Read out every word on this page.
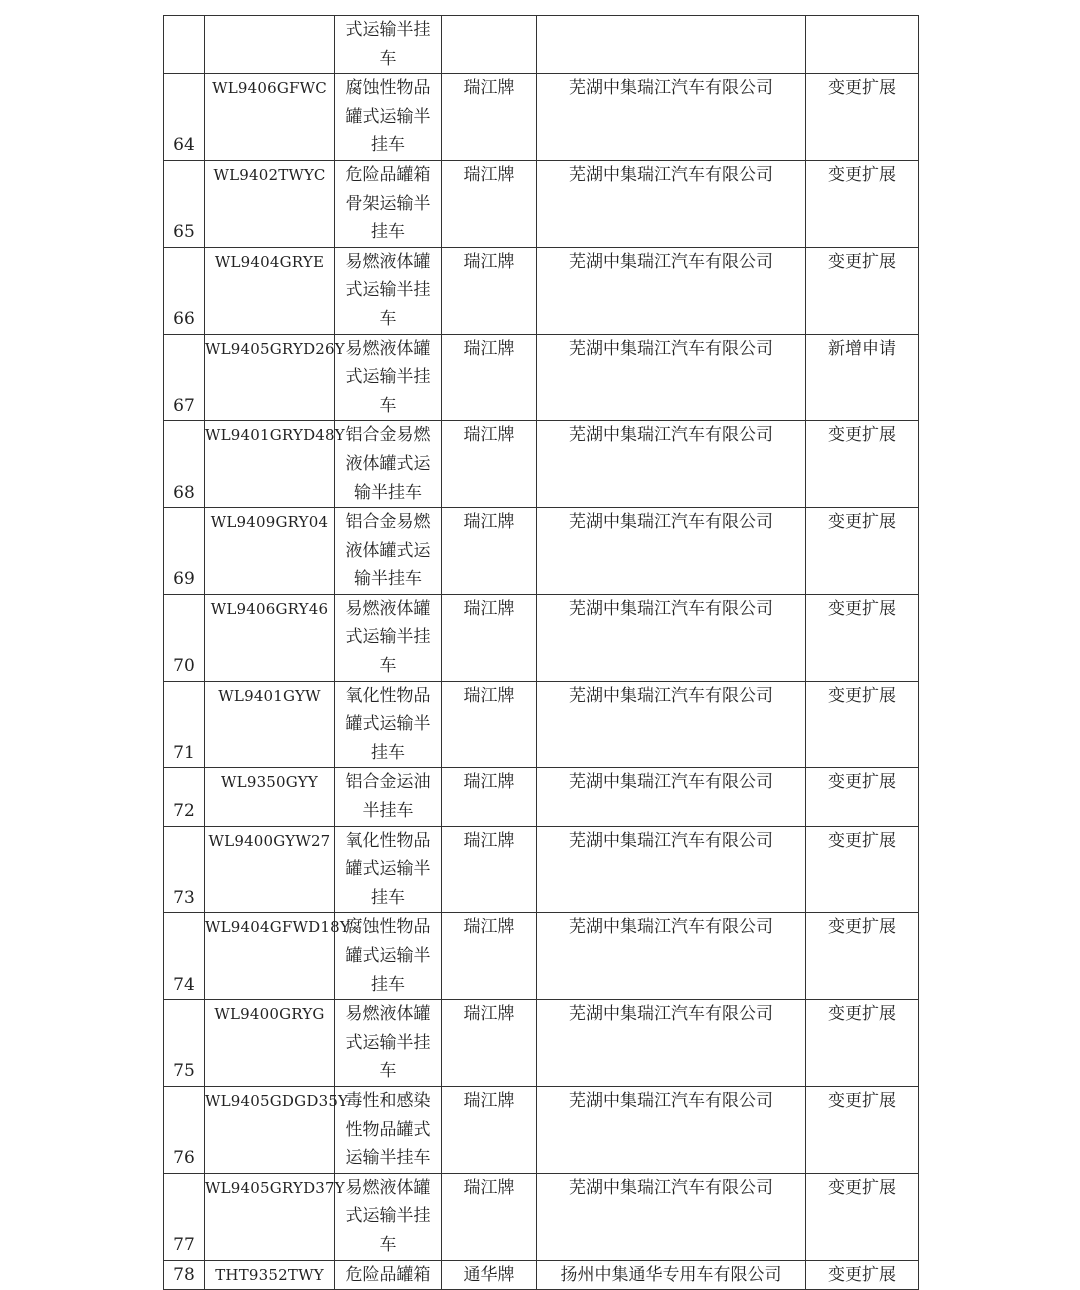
		式运输半挂车			

64	WL9406GFWC	腐蚀性物品罐式运输半挂车	瑞江牌	芜湖中集瑞江汽车有限公司	变更扩展
65	WL9402TWYC	危险品罐箱骨架运输半挂车	瑞江牌	芜湖中集瑞江汽车有限公司	变更扩展
66	WL9404GRYE	易燃液体罐式运输半挂车	瑞江牌	芜湖中集瑞江汽车有限公司	变更扩展
67	WL9405GRYD26Y	易燃液体罐式运输半挂车	瑞江牌	芜湖中集瑞江汽车有限公司	新增申请
68	WL9401GRYD48Y	铝合金易燃液体罐式运输半挂车	瑞江牌	芜湖中集瑞江汽车有限公司	变更扩展
69	WL9409GRY04	铝合金易燃液体罐式运输半挂车	瑞江牌	芜湖中集瑞江汽车有限公司	变更扩展
70	WL9406GRY46	易燃液体罐式运输半挂车	瑞江牌	芜湖中集瑞江汽车有限公司	变更扩展
71	WL9401GYW	氧化性物品罐式运输半挂车	瑞江牌	芜湖中集瑞江汽车有限公司	变更扩展
72	WL9350GYY	铝合金运油半挂车	瑞江牌	芜湖中集瑞江汽车有限公司	变更扩展
73	WL9400GYW27	氧化性物品罐式运输半挂车	瑞江牌	芜湖中集瑞江汽车有限公司	变更扩展
74	WL9404GFWD18Y	腐蚀性物品罐式运输半挂车	瑞江牌	芜湖中集瑞江汽车有限公司	变更扩展
75	WL9400GRYG	易燃液体罐式运输半挂车	瑞江牌	芜湖中集瑞江汽车有限公司	变更扩展
76	WL9405GDGD35Y	毒性和感染性物品罐式运输半挂车	瑞江牌	芜湖中集瑞江汽车有限公司	变更扩展
77	WL9405GRYD37Y	易燃液体罐式运输半挂车	瑞江牌	芜湖中集瑞江汽车有限公司	变更扩展
78	THT9352TWY	危险品罐箱	通华牌	扬州中集通华专用车有限公司	变更扩展
